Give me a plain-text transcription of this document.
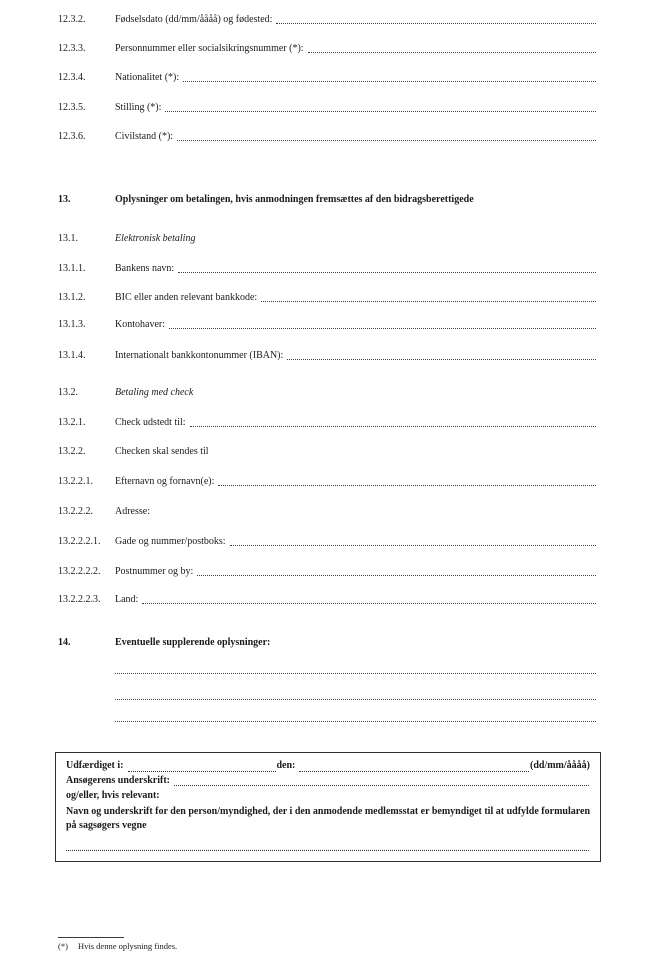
12.3.2.	Fødselsdato (dd/mm/åååå) og fødested:
12.3.3.	Personnummer eller socialsikringsnummer (*):
12.3.4.	Nationalitet (*):
12.3.5.	Stilling (*):
12.3.6.	Civilstand (*):
13.	Oplysninger om betalingen, hvis anmodningen fremsættes af den bidragsberettigede
13.1.	Elektronisk betaling
13.1.1.	Bankens navn:
13.1.2.	BIC eller anden relevant bankkode:
13.1.3.	Kontohaver:
13.1.4.	Internationalt bankkontonummer (IBAN):
13.2.	Betaling med check
13.2.1.	Check udstedt til:
13.2.2.	Checken skal sendes til
13.2.2.1.	Efternavn og fornavn(e):
13.2.2.2.	Adresse:
13.2.2.2.1.	Gade og nummer/postboks:
13.2.2.2.2.	Postnummer og by:
13.2.2.2.3.	Land:
14.	Eventuelle supplerende oplysninger:
Udfærdiget i:	den:	(dd/mm/åååå)
Ansøgerens underskrift:
og/eller, hvis relevant:
Navn og underskrift for den person/myndighed, der i den anmodende medlemsstat er bemyndiget til at udfylde formularen på sagsøgers vegne
(*)	Hvis denne oplysning findes.
